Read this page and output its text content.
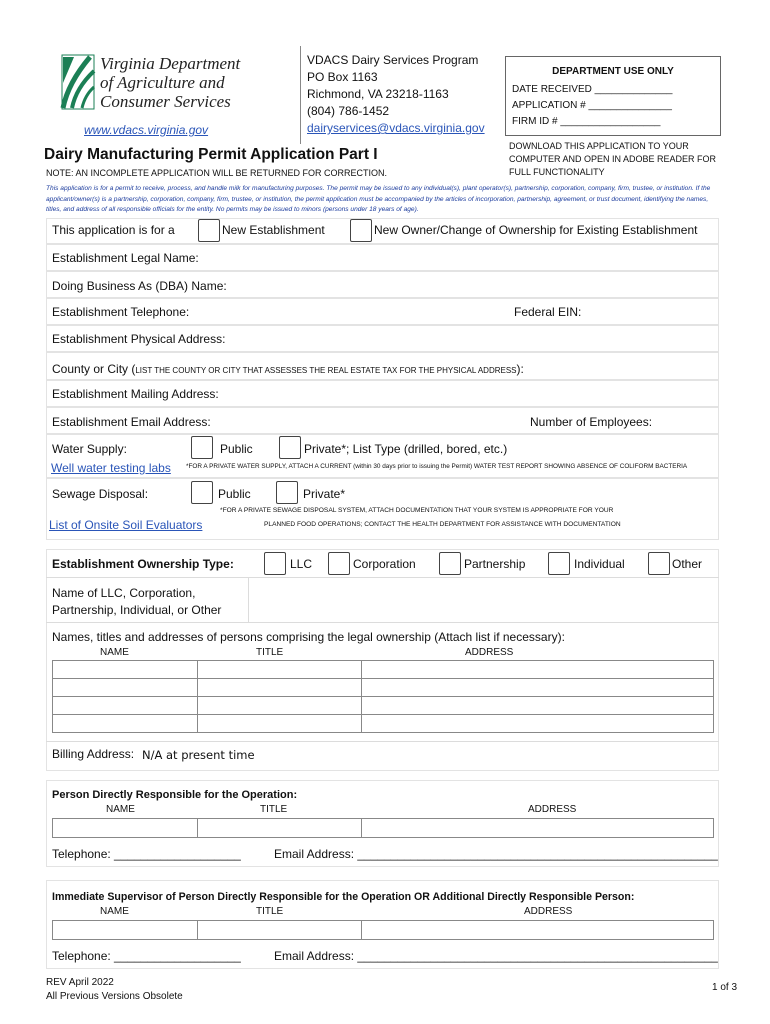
Virginia Department
of Agriculture and
Consumer Services
www.vdacs.virginia.gov
VDACS Dairy Services Program
PO Box 1163
Richmond, VA 23218-1163
(804) 786-1452
dairyservices@vdacs.virginia.gov
DEPARTMENT USE ONLY
DATE RECEIVED ______________
APPLICATION # _______________
FIRM ID # __________________
DOWNLOAD THIS APPLICATION TO YOUR COMPUTER AND OPEN IN ADOBE READER FOR FULL FUNCTIONALITY
Dairy Manufacturing Permit Application Part I
NOTE: AN INCOMPLETE APPLICATION WILL BE RETURNED FOR CORRECTION.
This application is for a permit to receive, process, and handle milk for manufacturing purposes. The permit may be issued to any individual(s), plant operator(s), partnership, corporation, company, firm, trustee, or institution. If the applicant/owner(s) is a partnership, corporation, company, firm, trustee, or institution, the permit application must be accompanied by the articles of incorporation, partnership, agreement, or trust document, identifying the names, titles, and address of all responsible officials for the entity. No permits may be issued to minors (persons under 18 years of age).
This application is for a	New Establishment	New Owner/Change of Ownership for Existing Establishment
Establishment Legal Name:
Doing Business As (DBA) Name:
Establishment Telephone:	Federal EIN:
Establishment Physical Address:
County or City (LIST THE COUNTY OR CITY THAT ASSESSES THE REAL ESTATE TAX FOR THE PHYSICAL ADDRESS):
Establishment Mailing Address:
Establishment Email Address:	Number of Employees:
Water Supply:	Public	Private*; List Type (drilled, bored, etc.)
Well water testing labs *FOR A PRIVATE WATER SUPPLY, ATTACH A CURRENT (within 30 days prior to issuing the Permit) WATER TEST REPORT SHOWING ABSENCE OF COLIFORM BACTERIA
Sewage Disposal:	Public	Private*
*FOR A PRIVATE SEWAGE DISPOSAL SYSTEM, ATTACH DOCUMENTATION THAT YOUR SYSTEM IS APPROPRIATE FOR YOUR
PLANNED FOOD OPERATIONS; CONTACT THE HEALTH DEPARTMENT FOR ASSISTANCE WITH DOCUMENTATION
List of Onsite Soil Evaluators
Establishment Ownership Type:	LLC	Corporation	Partnership	Individual	Other
Name of LLC, Corporation,
Partnership, Individual, or Other
Names, titles and addresses of persons comprising the legal ownership (Attach list if necessary):
NAME	TITLE	ADDRESS
Billing Address: N/A at present time
Person Directly Responsible for the Operation:
NAME	TITLE	ADDRESS
Telephone: ___________________	Email Address: ______________________________________________________
Immediate Supervisor of Person Directly Responsible for the Operation OR Additional Directly Responsible Person:
NAME	TITLE	ADDRESS
Telephone: ___________________	Email Address: ______________________________________________________
REV April 2022
All Previous Versions Obsolete
1 of 3
